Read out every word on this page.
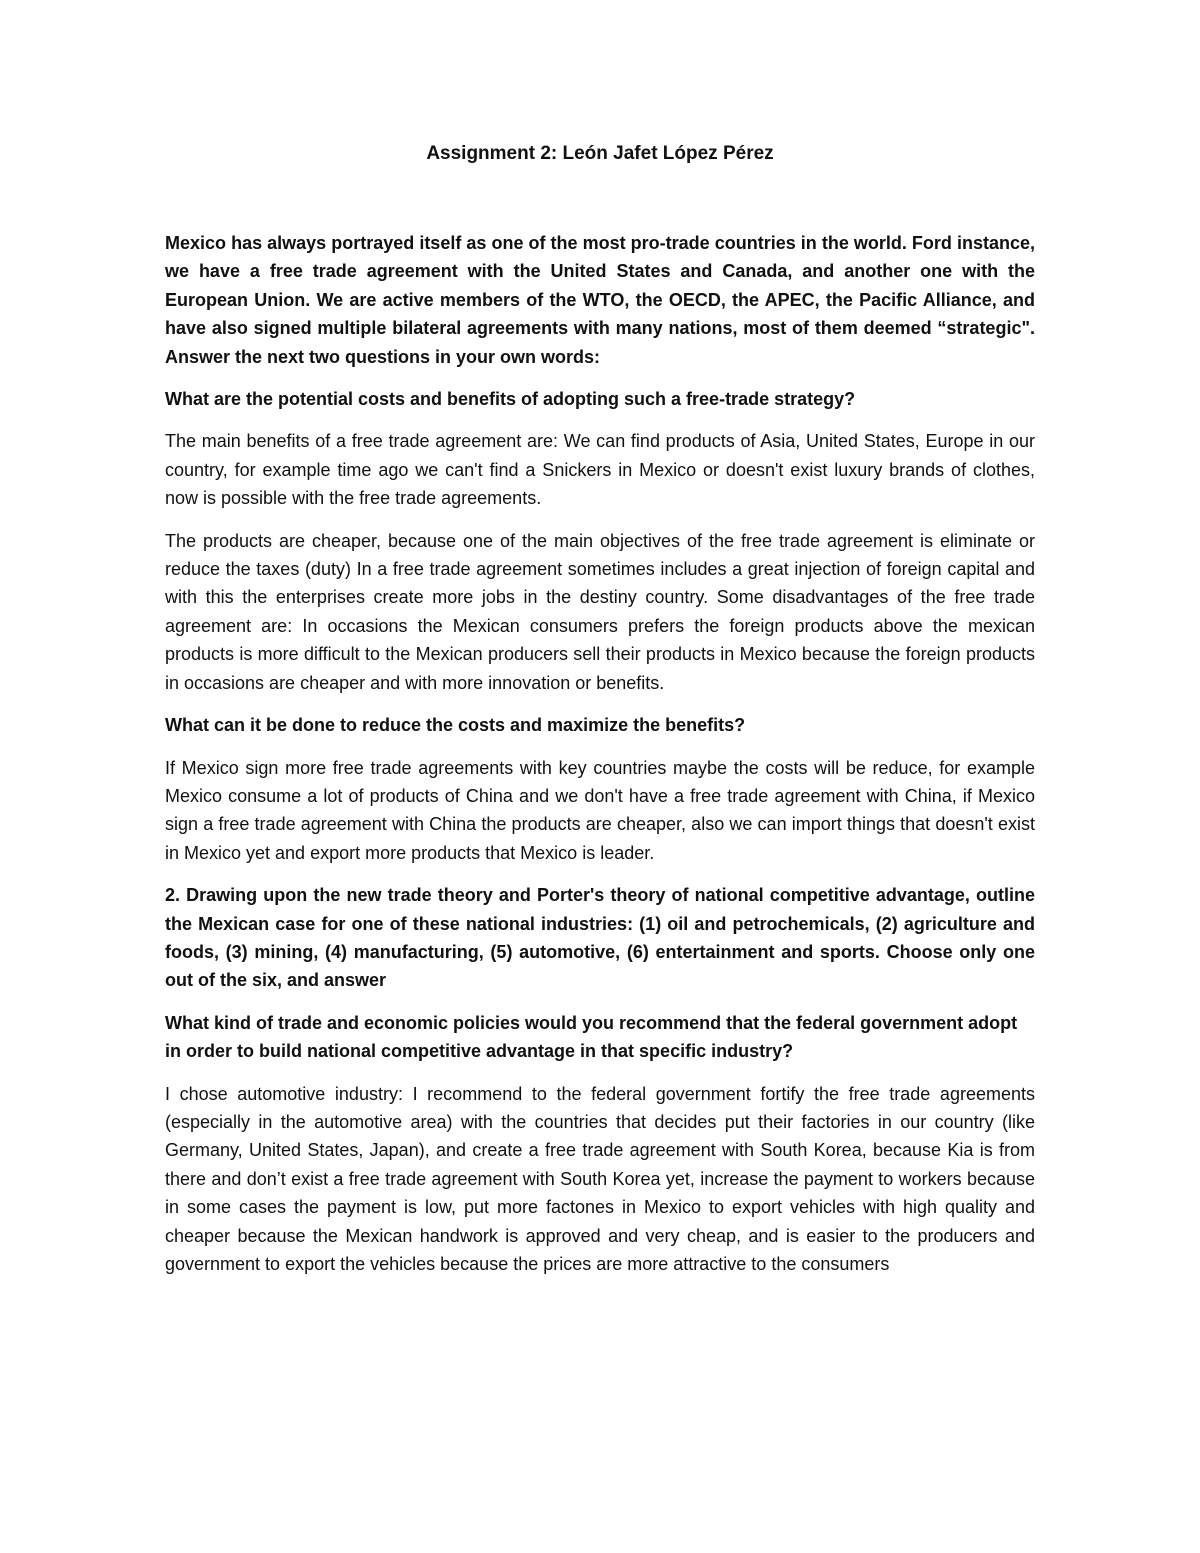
Assignment 2: León Jafet López Pérez

Mexico has always portrayed itself as one of the most pro-trade countries in the world. Ford instance, we have a free trade agreement with the United States and Canada, and another one with the European Union. We are active members of the WTO, the OECD, the APEC, the Pacific Alliance, and have also signed multiple bilateral agreements with many nations, most of them deemed “strategic". Answer the next two questions in your own words:

What are the potential costs and benefits of adopting such a free-trade strategy?

The main benefits of a free trade agreement are: We can find products of Asia, United States, Europe in our country, for example time ago we can't find a Snickers in Mexico or doesn't exist luxury brands of clothes, now is possible with the free trade agreements.

The products are cheaper, because one of the main objectives of the free trade agreement is eliminate or reduce the taxes (duty) In a free trade agreement sometimes includes a great injection of foreign capital and with this the enterprises create more jobs in the destiny country. Some disadvantages of the free trade agreement are: In occasions the Mexican consumers prefers the foreign products above the mexican products is more difficult to the Mexican producers sell their products in Mexico because the foreign products in occasions are cheaper and with more innovation or benefits.

What can it be done to reduce the costs and maximize the benefits?

If Mexico sign more free trade agreements with key countries maybe the costs will be reduce, for example Mexico consume a lot of products of China and we don't have a free trade agreement with China, if Mexico sign a free trade agreement with China the products are cheaper, also we can import things that doesn't exist in Mexico yet and export more products that Mexico is leader.

2. Drawing upon the new trade theory and Porter's theory of national competitive advantage, outline the Mexican case for one of these national industries: (1) oil and petrochemicals, (2) agriculture and foods, (3) mining, (4) manufacturing, (5) automotive, (6) entertainment and sports. Choose only one out of the six, and answer

What kind of trade and economic policies would you recommend that the federal government adopt in order to build national competitive advantage in that specific industry?

I chose automotive industry: I recommend to the federal government fortify the free trade agreements (especially in the automotive area) with the countries that decides put their factories in our country (like Germany, United States, Japan), and create a free trade agreement with South Korea, because Kia is from there and don’t exist a free trade agreement with South Korea yet, increase the payment to workers because in some cases the payment is low, put more factones in Mexico to export vehicles with high quality and cheaper because the Mexican handwork is approved and very cheap, and is easier to the producers and government to export the vehicles because the prices are more attractive to the consumers
